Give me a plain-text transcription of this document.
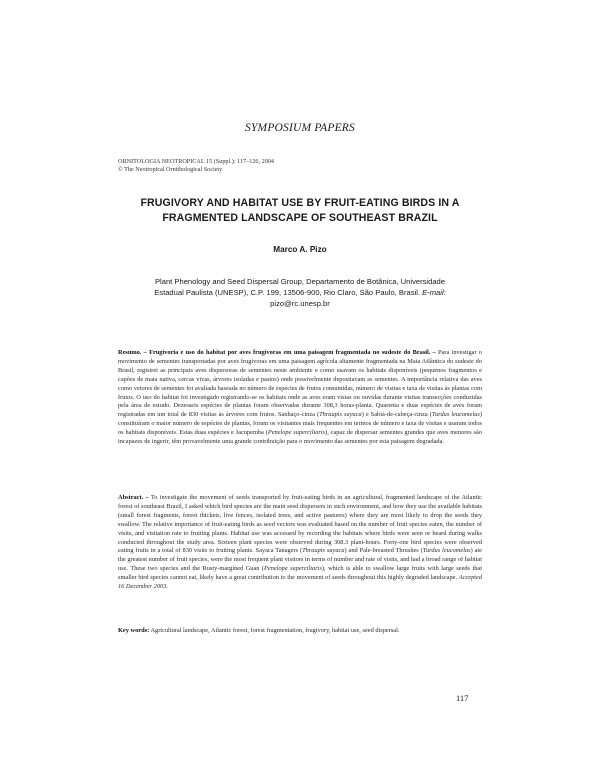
SYMPOSIUM PAPERS
ORNITOLOGIA NEOTROPICAL 15 (Suppl.): 117–126, 2004
© The Neotropical Ornithological Society
FRUGIVORY AND HABITAT USE BY FRUIT-EATING BIRDS IN A FRAGMENTED LANDSCAPE OF SOUTHEAST BRAZIL
Marco A. Pizo
Plant Phenology and Seed Dispersal Group, Departamento de Botânica, Universidade
Estadual Paulista (UNESP), C.P. 199, 13506-900, Rio Claro, São Paulo, Brasil. E-mail:
pizo@rc.unesp.br
Resumo. – Frugivoria e uso do habitat por aves frugívoras em uma paisagem fragmentada no sudeste do Brasil. – Para investigar o movimento de sementes transportadas por aves frugívoras em uma paisagem agrícola altamente fragmentada na Mata Atlântica do sudeste do Brasil, registrei as principais aves dispersoras de sementes neste ambiente e como usavam os habitats disponíveis (pequenos fragmentos e capões de mata nativa, cercas vivas, árvores isoladas e pastos) onde possivelmente depositavam as sementes. A importância relativa das aves como vetores de sementes foi avaliada baseada no número de espécies de frutos consumidas, número de visitas e taxa de visitas às plantas com frutos. O uso do habitat foi investigado registrando-se os habitats onde as aves eram vistas ou ouvidas durante visitas transecções conduzidas pela área de estudo. Dezesseis espécies de plantas foram observadas durante 308,3 horas-planta. Quarenta e duas espécies de aves foram registradas em um total de 830 visitas às árvores com frutos. Sanhaço-cinza (Thraupis sayaca) e Sabiá-de-cabeça-cinza (Turdus leucomelas) constituíram o maior número de espécies de plantas, foram os visitantes mais frequentes em termos de número e taxa de visitas e usaram todos os habitats disponíveis. Estas duas espécies e Jacupemba (Penelope superciliaris), capaz de dispersar sementes grandes que aves menores são incapazes de ingerir, têm provavelmente uma grande contribuição para o movimento das sementes por esta paisagem degradada.
Abstract. – To investigate the movement of seeds transported by fruit-eating birds in an agricultural, fragmented landscape of the Atlantic forest of southeast Brazil, I asked which bird species are the main seed dispersers in such environment, and how they use the available habitats (small forest fragments, forest thickets, live fences, isolated trees, and active pastures) where they are most likely to drop the seeds they swallow. The relative importance of fruit-eating birds as seed vectors was evaluated based on the number of fruit species eaten, the number of visits, and visitation rate to fruiting plants. Habitat use was accessed by recording the habitats where birds were seen or heard during walks conducted throughout the study area. Sixteen plant species were observed during 308.3 plant-hours. Forty-one bird species were observed eating fruits in a total of 830 visits to fruiting plants. Sayaca Tanagers (Thraupis sayaca) and Pale-breasted Thrushes (Turdus leucomelas) ate the greatest number of fruit species, were the most frequent plant visitors in terms of number and rate of visits, and had a broad range of habitat use. These two species and the Rusty-margined Guan (Penelope superciliaris), which is able to swallow large fruits with large seeds that smaller bird species cannot eat, likely have a great contribution to the movement of seeds throughout this highly degraded landscape. Accepted 16 December 2003.
Key words: Agricultural landscape, Atlantic forest, forest fragmentation, frugivory, habitat use, seed dispersal.
117
